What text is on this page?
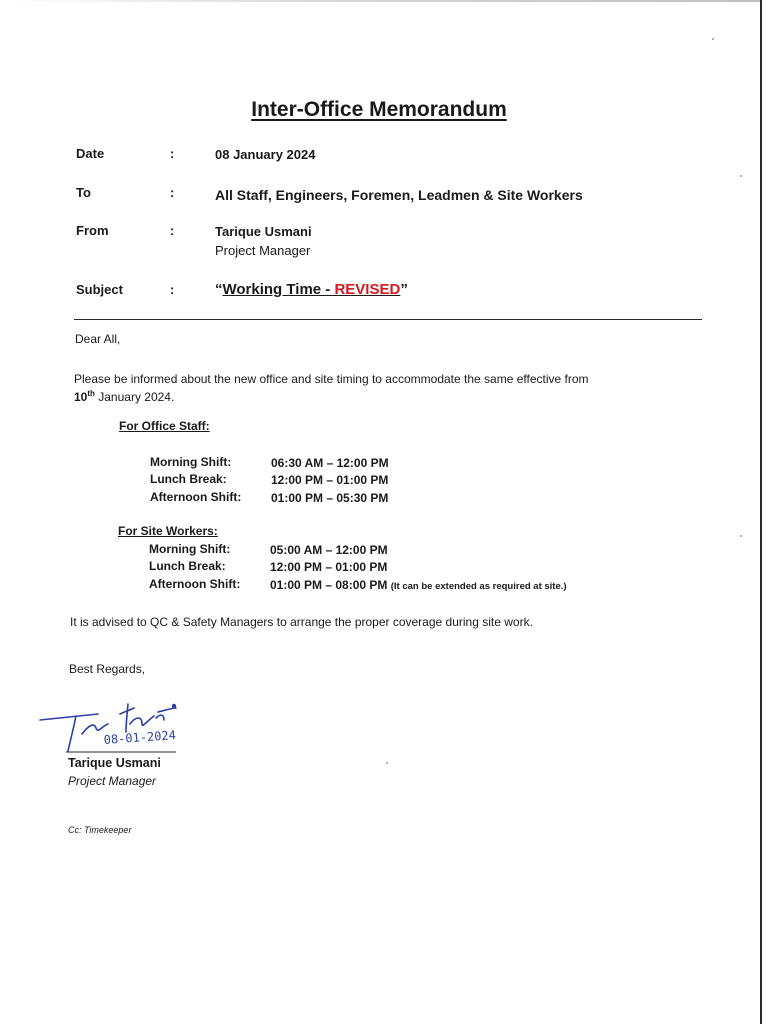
Inter-Office Memorandum
Date	:	08 January 2024
To	:	All Staff, Engineers, Foremen, Leadmen & Site Workers
From	:	Tarique Usmani
Project Manager
Subject	:	“Working Time - REVISED”
Dear All,
Please be informed about the new office and site timing to accommodate the same effective from
10th January 2024.
For Office Staff:
Morning Shift:	06:30 AM – 12:00 PM
Lunch Break:	12:00 PM – 01:00 PM
Afternoon Shift: 01:00 PM – 05:30 PM
For Site Workers:
Morning Shift:	05:00 AM – 12:00 PM
Lunch Break:	12:00 PM – 01:00 PM
Afternoon Shift: 01:00 PM – 08:00 PM (It can be extended as required at site.)
It is advised to QC & Safety Managers to arrange the proper coverage during site work.
Best Regards,
08-01-2024
Tarique Usmani
Project Manager
Cc: Timekeeper
